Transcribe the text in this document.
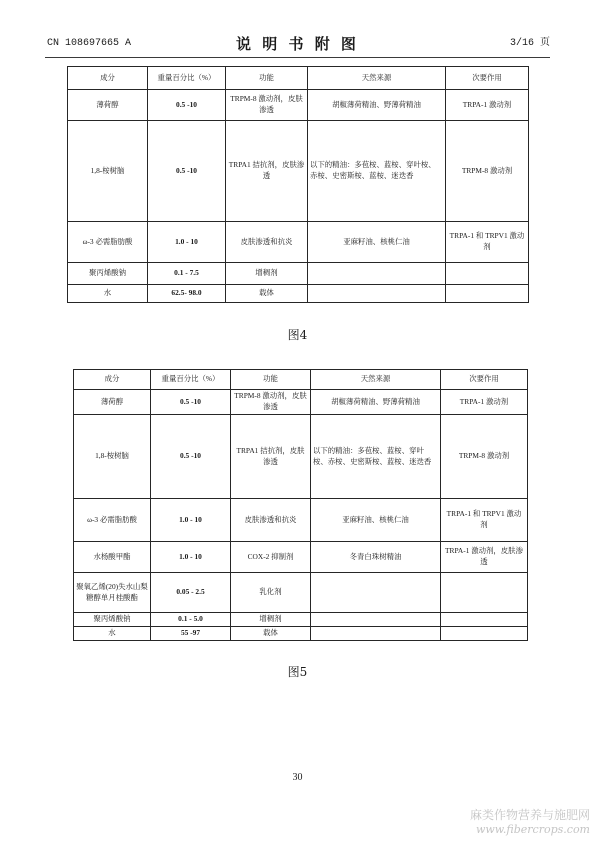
CN 108697665 A	说 明 书 附 图	3/16 页
成分	重量百分比（%）	功能	天然来源	次要作用
薄荷醇	0.5 -10	TRPM-8 激动剂，皮肤渗透	胡椒薄荷精油、野薄荷精油	TRPA-1 激动剂
1,8-桉树脑	0.5 -10	TRPA1 拮抗剂，皮肤渗透	以下的精油：多苞桉、蓝桉、穿叶桉、赤桉、史密斯桉、蓝桉、迷迭香	TRPM-8 激动剂
ω-3 必需脂肪酸	1.0 - 10	皮肤渗透和抗炎	亚麻籽油、核桃仁油	TRPA-1 和 TRPV1 激动剂
聚丙烯酸钠	0.1 - 7.5	增稠剂		
水	62.5- 98.0	载体		
图4
成分	重量百分比（%）	功能	天然来源	次要作用
薄荷醇	0.5 -10	TRPM-8 激动剂，皮肤渗透	胡椒薄荷精油、野薄荷精油	TRPA-1 激动剂
1,8-桉树脑	0.5 -10	TRPA1 拮抗剂，皮肤渗透	以下的精油：多苞桉、蓝桉、穿叶桉、赤桉、史密斯桉、蓝桉、迷迭香	TRPM-8 激动剂
ω-3 必需脂肪酸	1.0 - 10	皮肤渗透和抗炎	亚麻籽油、核桃仁油	TRPA-1 和 TRPV1 激动剂
水杨酸甲酯	1.0 - 10	COX-2 抑制剂	冬青白珠树精油	TRPA-1 激动剂，皮肤渗透
聚氧乙烯(20)失水山梨糖醇单月桂酸酯	0.05 - 2.5	乳化剂		
聚丙烯酸钠	0.1 - 5.0	增稠剂		
水	55 -97	载体		
图5
30
麻类作物营养与施肥网
www.fibercrops.com
